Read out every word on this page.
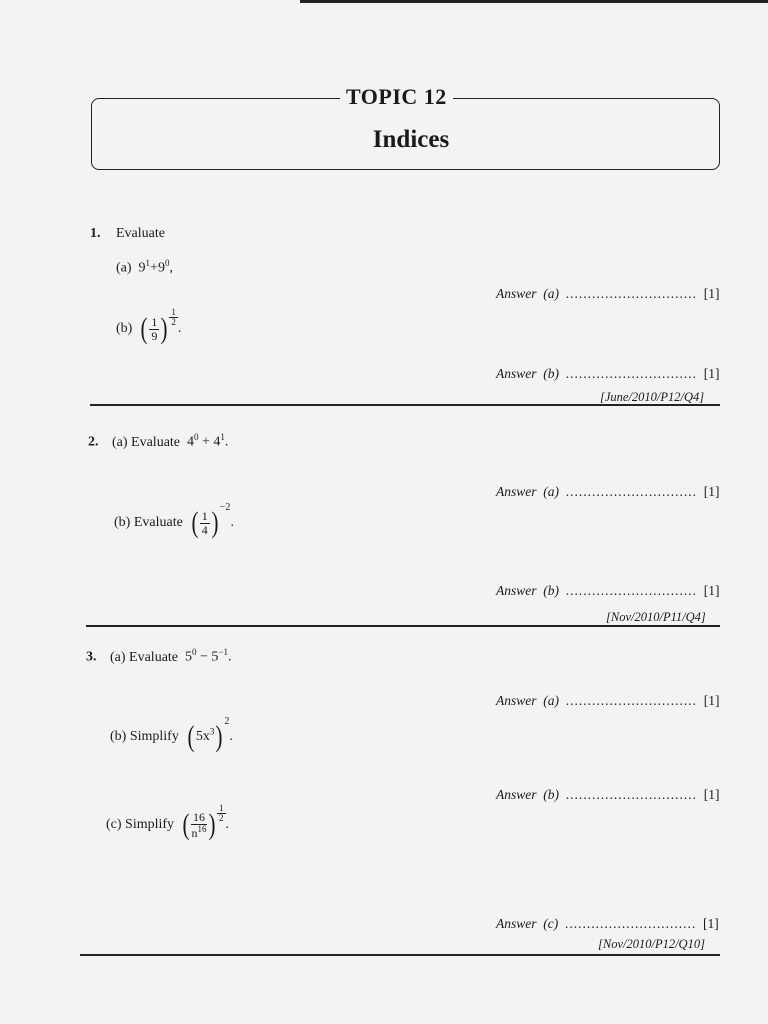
TOPIC 12
Indices
1. Evaluate
(a) $9^1+9^0$,
Answer (a) .............................. [1]
(b) ( $\frac{1}{9}$ ) $^{\frac{1}{2}}$
.
Answer (b) .............................. [1]
[June/2010/P12/Q4]
2. (a) Evaluate $4^0 + 4^1$.
Answer (a) .............................. [1]
(b) Evaluate ( $\frac{1}{4}$ ) $^{-2}$.
Answer (b) .............................. [1]
[Nov/2010/P11/Q4]
3. (a) Evaluate $5^0 - 5^{-1}$.
Answer (a) .............................. [1]
(b) Simplify ( $5x^3$) $^2$.
Answer (b) .............................. [1]
(c) Simplify ( $\frac{16}{n^{16}}$ ) $^{\frac{1}{2}}$
.
Answer (c) .............................. [1]
[Nov/2010/P12/Q10]
